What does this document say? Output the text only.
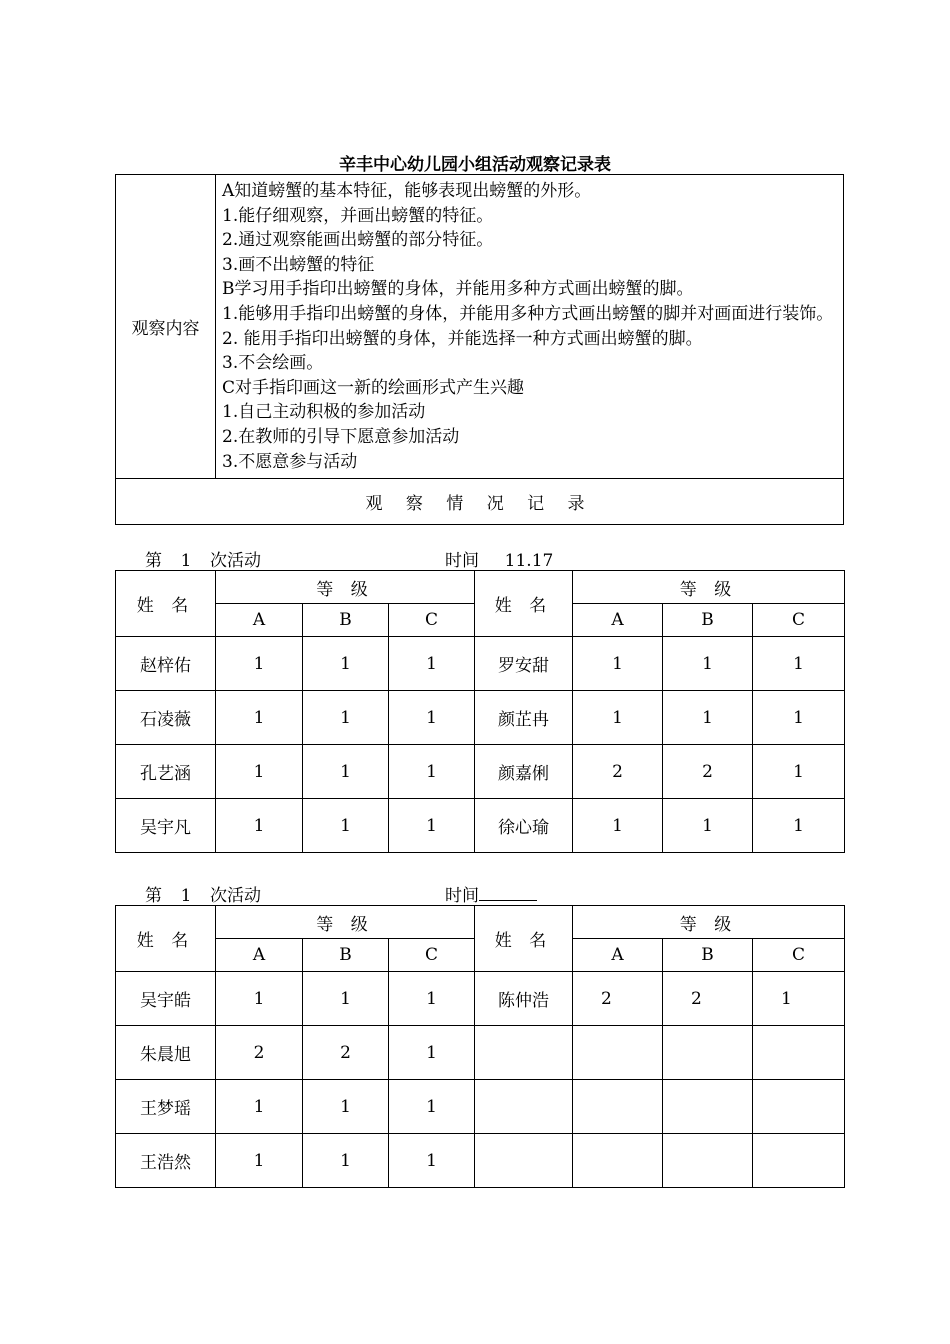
辛丰中心幼儿园小组活动观察记录表
观察内容	
A知道螃蟹的基本特征，能够表现出螃蟹的外形。
1.能仔细观察，并画出螃蟹的特征。
2.通过观察能画出螃蟹的部分特征。
3.画不出螃蟹的特征
B学习用手指印出螃蟹的身体，并能用多种方式画出螃蟹的脚。
1.能够用手指印出螃蟹的身体，并能用多种方式画出螃蟹的脚并对画面进行装饰。
2. 能用手指印出螃蟹的身体，并能选择一种方式画出螃蟹的脚。
3.不会绘画。
C对手指印画这一新的绘画形式产生兴趣
1.自己主动积极的参加活动
2.在教师的引导下愿意参加活动
3.不愿意参与活动

观 察 情 况 记 录
第 1 次活动	时间 11.17
姓 名	等 级			姓 名	等 级		
	A	B	C		A	B	C
赵梓佑	1	1	1	罗安甜	1	1	1
石凌薇	1	1	1	颜芷冉	1	1	1
孔艺涵	1	1	1	颜嘉俐	2	2	1
吴宇凡	1	1	1	徐心瑜	1	1	1
第 1 次活动	时间
姓 名	等 级			姓 名	等 级		
	A	B	C		A	B	C
吴宇皓	1	1	1	陈仲浩	2	2	1
朱晨旭	2	2	1				
王梦瑶	1	1	1				
王浩然	1	1	1				
